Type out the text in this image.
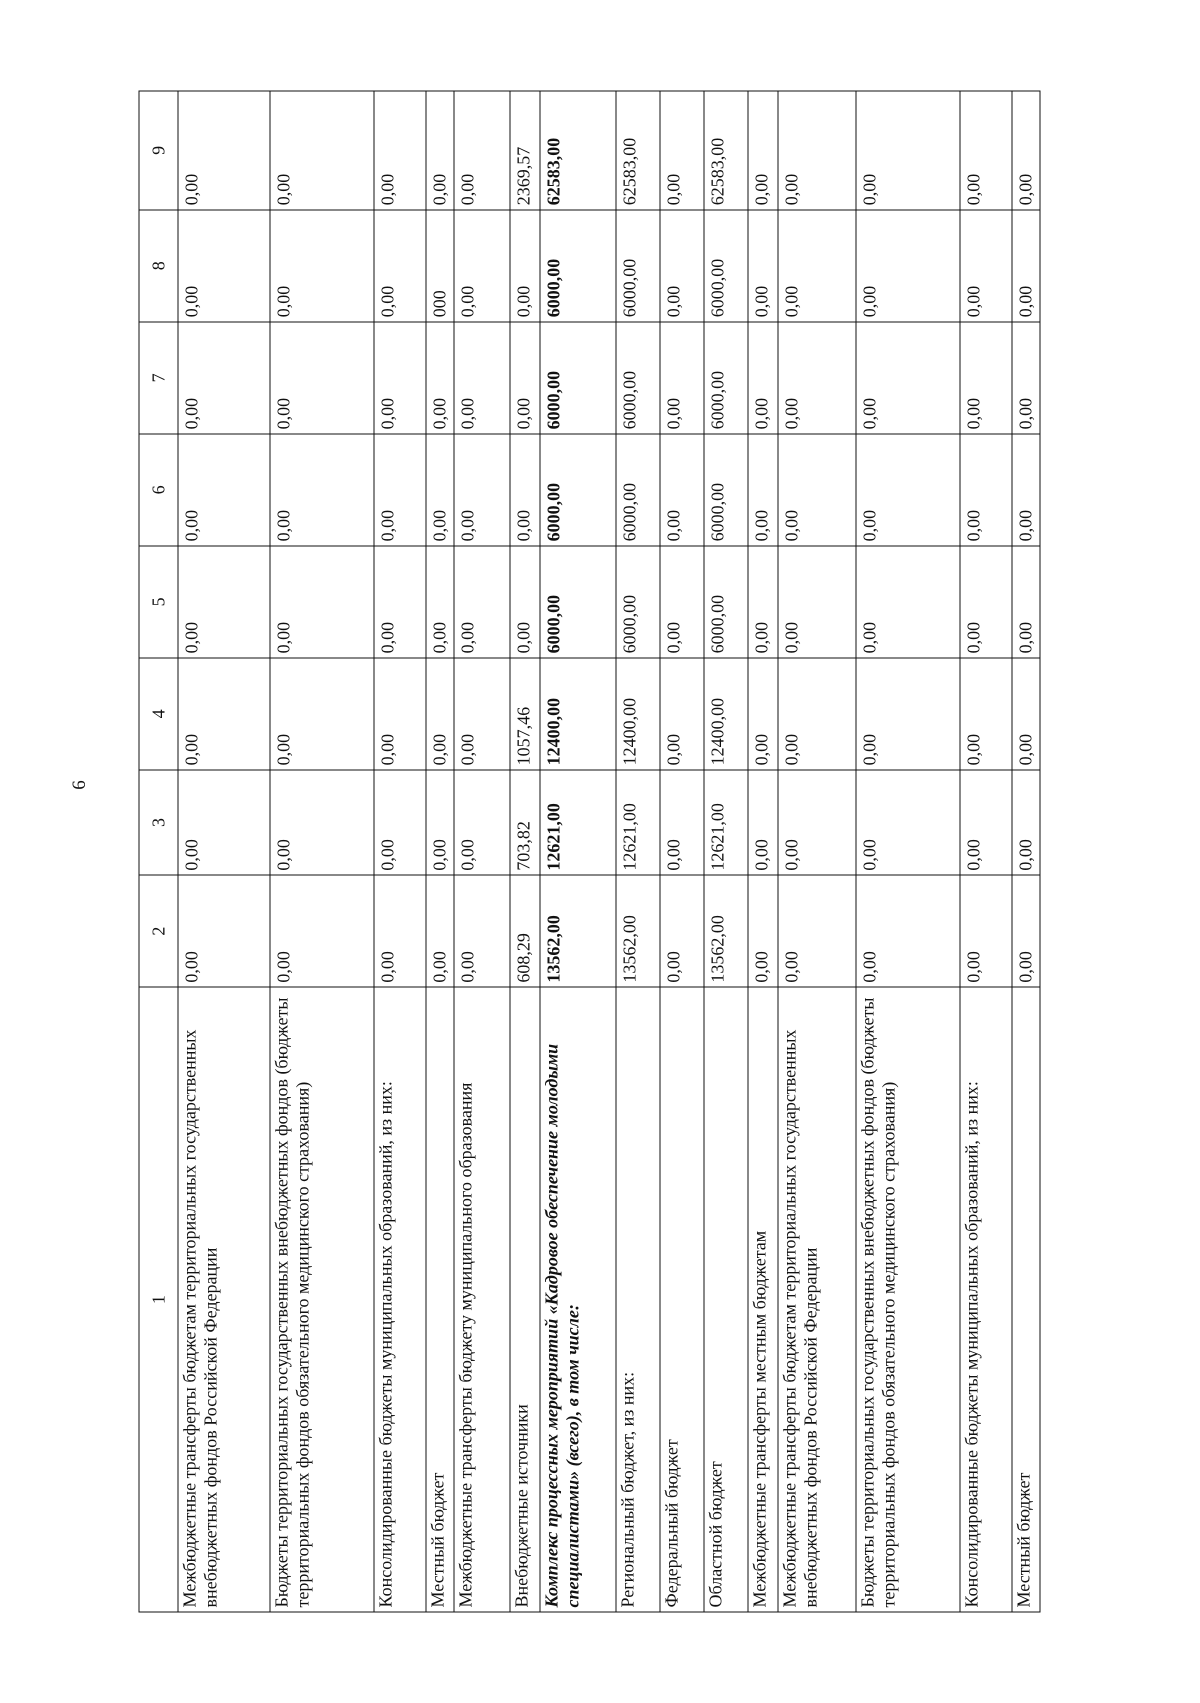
6
1	2	3	4	5	6	7	8	9
Межбюджетные трансферты бюджетам территориальных государственных внебюджетных фондов Российской Федерации	0,00	0,00	0,00	0,00	0,00	0,00	0,00	0,00
Бюджеты территориальных государственных внебюджетных фондов (бюджеты территориальных фондов обязательного медицинского страхования)	0,00	0,00	0,00	0,00	0,00	0,00	0,00	0,00
Консолидированные бюджеты муниципальных образований, из них:	0,00	0,00	0,00	0,00	0,00	0,00	0,00	0,00
Местный бюджет	0,00	0,00	0,00	0,00	0,00	0,00	000	0,00
Межбюджетные трансферты бюджету муниципального образования	0,00	0,00	0,00	0,00	0,00	0,00	0,00	0,00
Внебюджетные источники	608,29	703,82	1057,46	0,00	0,00	0,00	0,00	2369,57
Комплекс процессных мероприятий «Кадровое обеспечение молодыми специалистами» (всего), в том числе:	13562,00	12621,00	12400,00	6000,00	6000,00	6000,00	6000,00	62583,00
Региональный бюджет, из них:	13562,00	12621,00	12400,00	6000,00	6000,00	6000,00	6000,00	62583,00
Федеральный бюджет	0,00	0,00	0,00	0,00	0,00	0,00	0,00	0,00
Областной бюджет	13562,00	12621,00	12400,00	6000,00	6000,00	6000,00	6000,00	62583,00
Межбюджетные трансферты местным бюджетам	0,00	0,00	0,00	0,00	0,00	0,00	0,00	0,00
Межбюджетные трансферты бюджетам территориальных государственных внебюджетных фондов Российской Федерации	0,00	0,00	0,00	0,00	0,00	0,00	0,00	0,00
Бюджеты территориальных государственных внебюджетных фондов (бюджеты территориальных фондов обязательного медицинского страхования)	0,00	0,00	0,00	0,00	0,00	0,00	0,00	0,00
Консолидированные бюджеты муниципальных образований, из них:	0,00	0,00	0,00	0,00	0,00	0,00	0,00	0,00
Местный бюджет	0,00	0,00	0,00	0,00	0,00	0,00	0,00	0,00
